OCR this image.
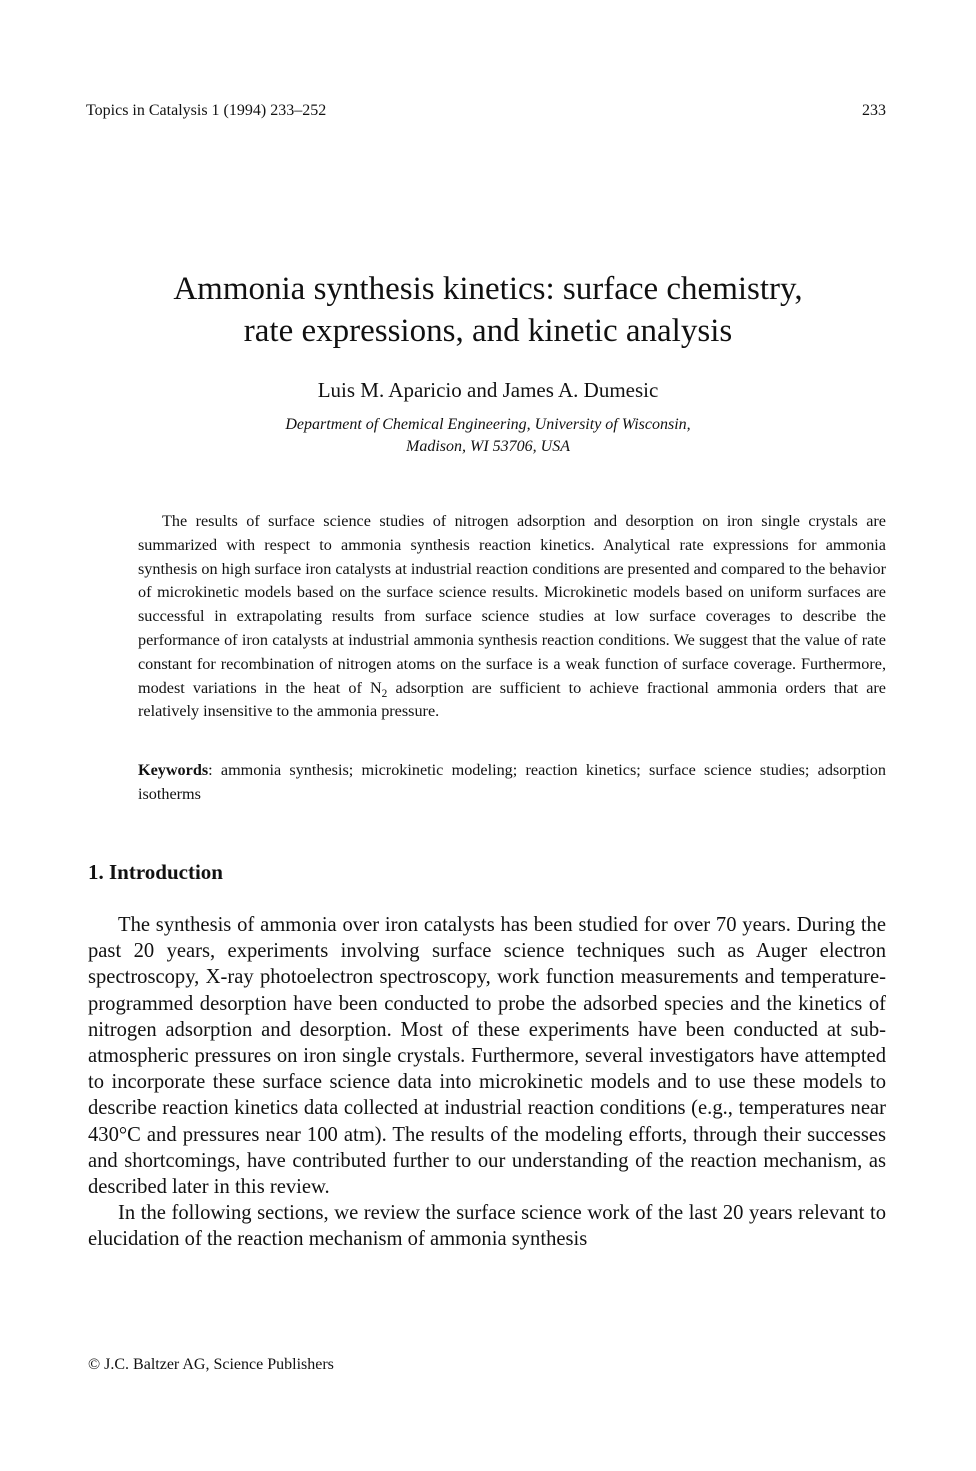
Topics in Catalysis 1 (1994) 233–252	233
Ammonia synthesis kinetics: surface chemistry,
rate expressions, and kinetic analysis
Luis M. Aparicio and James A. Dumesic
Department of Chemical Engineering, University of Wisconsin,
Madison, WI 53706, USA
The results of surface science studies of nitrogen adsorption and desorption on iron single crystals are summarized with respect to ammonia synthesis reaction kinetics. Analytical rate expressions for ammonia synthesis on high surface iron catalysts at industrial reaction conditions are presented and compared to the behavior of microkinetic models based on the surface science results. Microkinetic models based on uniform surfaces are successful in extrapolating results from surface science studies at low surface coverages to describe the performance of iron catalysts at industrial ammonia synthesis reaction conditions. We suggest that the value of rate constant for recombination of nitrogen atoms on the surface is a weak function of surface coverage. Furthermore, modest variations in the heat of $N_2$ adsorption are sufficient to achieve fractional ammonia orders that are relatively insensitive to the ammonia pressure.
Keywords: ammonia synthesis; microkinetic modeling; reaction kinetics; surface science studies; adsorption isotherms
1. Introduction

The synthesis of ammonia over iron catalysts has been studied for over 70 years. During the past 20 years, experiments involving surface science techniques such as Auger electron spectroscopy, X-ray photoelectron spectroscopy, work function measurements and temperature-programmed desorption have been conducted to probe the adsorbed species and the kinetics of nitrogen adsorption and desorption. Most of these experiments have been conducted at sub-atmospheric pressures on iron single crystals. Furthermore, several investigators have attempted to incorporate these surface science data into microkinetic models and to use these models to describe reaction kinetics data collected at industrial reaction conditions (e.g., temperatures near 430°C and pressures near 100 atm). The results of the modeling efforts, through their successes and shortcomings, have contributed further to our understanding of the reaction mechanism, as described later in this review.

In the following sections, we review the surface science work of the last 20 years relevant to elucidation of the reaction mechanism of ammonia synthesis

© J.C. Baltzer AG, Science Publishers
